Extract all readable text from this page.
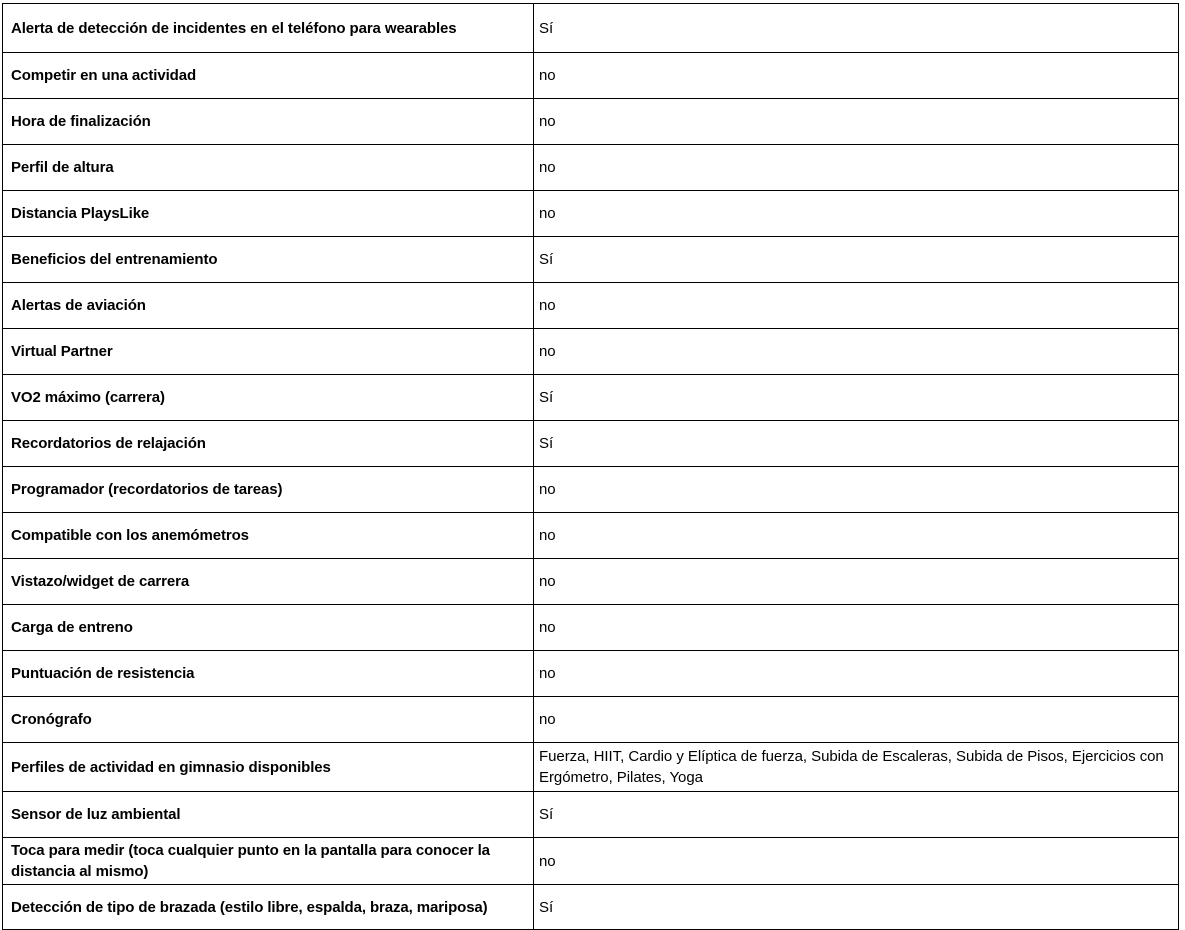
Alerta de detección de incidentes en el teléfono para wearables	Sí
Competir en una actividad	no
Hora de finalización	no
Perfil de altura	no
Distancia PlaysLike	no
Beneficios del entrenamiento	Sí
Alertas de aviación	no
Virtual Partner	no
VO2 máximo (carrera)	Sí
Recordatorios de relajación	Sí
Programador (recordatorios de tareas)	no
Compatible con los anemómetros	no
Vistazo/widget de carrera	no
Carga de entreno	no
Puntuación de resistencia	no
Cronógrafo	no
Perfiles de actividad en gimnasio disponibles	Fuerza, HIIT, Cardio y Elíptica de fuerza, Subida de Escaleras, Subida de Pisos, Ejercicios con Ergómetro, Pilates, Yoga
Sensor de luz ambiental	Sí
Toca para medir (toca cualquier punto en la pantalla para conocer la distancia al mismo)	no
Detección de tipo de brazada (estilo libre, espalda, braza, mariposa)	Sí
